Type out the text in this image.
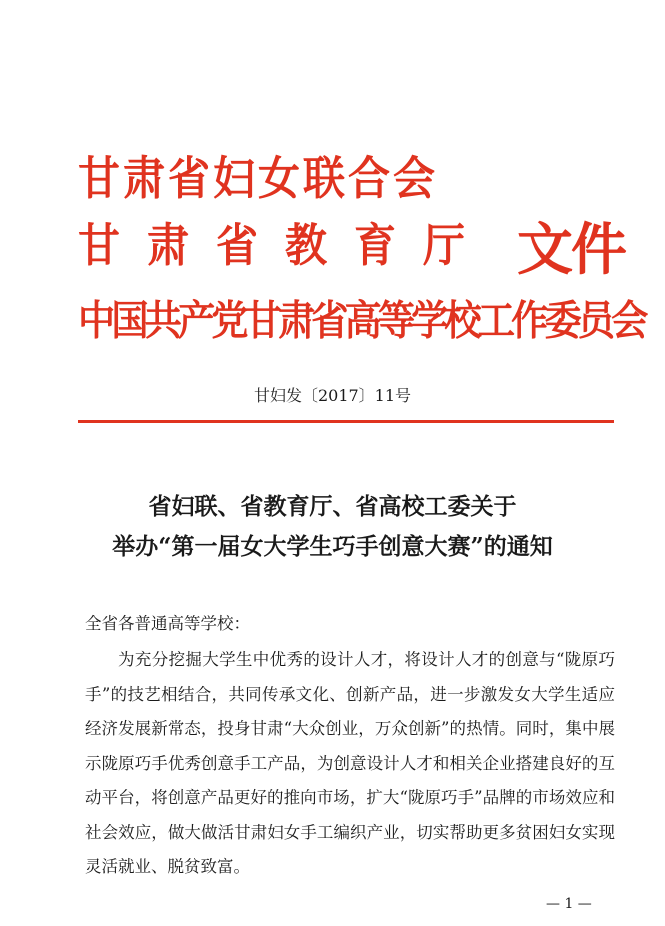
甘肃省妇女联合会
甘肃省教育厅
中国共产党甘肃省高等学校工作委员会
文件
甘妇发〔2017〕11号
省妇联、省教育厅、省高校工委关于
举办“第一届女大学生巧手创意大赛”的通知
全省各普通高等学校：

为充分挖掘大学生中优秀的设计人才，将设计人才的创意与“陇原巧手”的技艺相结合，共同传承文化、创新产品，进一步激发女大学生适应经济发展新常态，投身甘肃“大众创业，万众创新”的热情。同时，集中展示陇原巧手优秀创意手工产品，为创意设计人才和相关企业搭建良好的互动平台，将创意产品更好的推向市场，扩大“陇原巧手”品牌的市场效应和社会效应，做大做活甘肃妇女手工编织产业，切实帮助更多贫困妇女实现灵活就业、脱贫致富。

— 1 —
